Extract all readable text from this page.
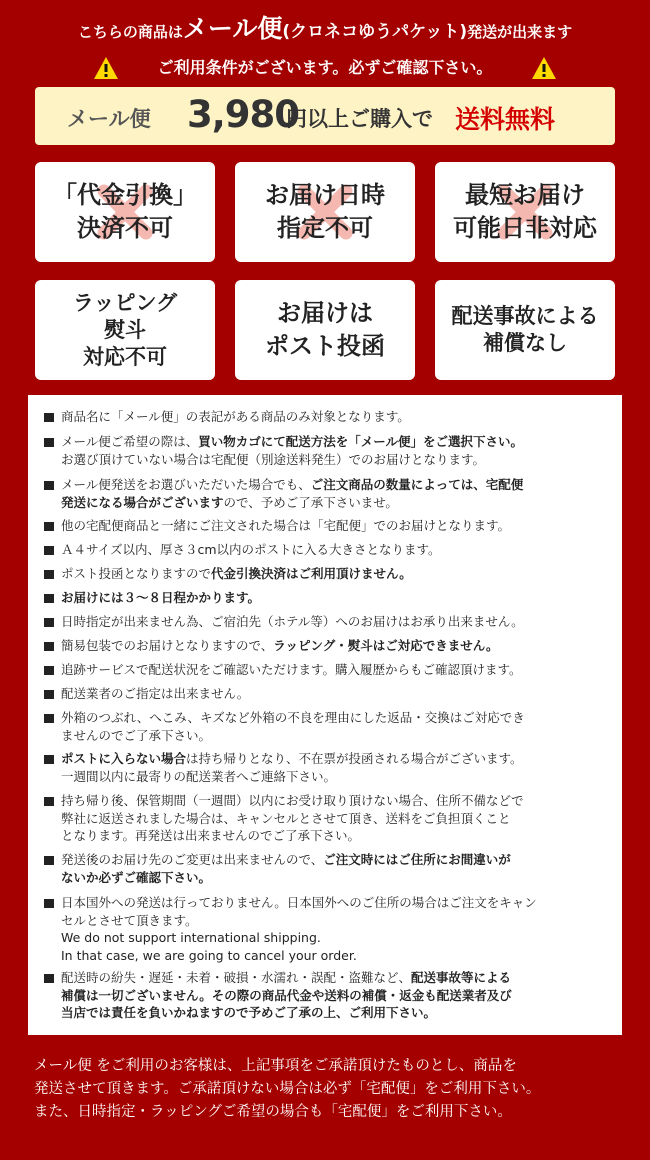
こちらの商品はメール便(クロネコゆうパケット)発送が出来ます
ご利用条件がございます。必ずご確認下さい。
メール便 3,980
円以上ご購入で 送料無料
「代金引換」
決済不可
お届け日時
指定不可
最短お届け
可能日非対応
ラッピング
熨斗
対応不可
お届けは
ポスト投函
配送事故による
補償なし
商品名に「メール便」の表記がある商品のみ対象となります。
メール便ご希望の際は、買い物カゴにて配送方法を「メール便」をご選択下さい。
お選び頂けていない場合は宅配便（別途送料発生）でのお届けとなります。
メール便発送をお選びいただいた場合でも、ご注文商品の数量によっては、宅配便
発送になる場合がございますので、予めご了承下さいませ。
他の宅配便商品と一緒にご注文された場合は「宅配便」でのお届けとなります。
Ａ４サイズ以内、厚さ３cm以内のポストに入る大きさとなります。
ポスト投函となりますので代金引換決済はご利用頂けません。
お届けには３～８日程かかります。
日時指定が出来ません為、ご宿泊先（ホテル等）へのお届けはお承り出来ません。
簡易包装でのお届けとなりますので、ラッピング・熨斗はご対応できません。
追跡サービスで配送状況をご確認いただけます。購入履歴からもご確認頂けます。
配送業者のご指定は出来ません。
外箱のつぶれ、へこみ、キズなど外箱の不良を理由にした返品・交換はご対応でき
ませんのでご了承下さい。
ポストに入らない場合は持ち帰りとなり、不在票が投函される場合がございます。
一週間以内に最寄りの配送業者へご連絡下さい。
持ち帰り後、保管期間（一週間）以内にお受け取り頂けない場合、住所不備などで
弊社に返送されました場合は、キャンセルとさせて頂き、送料をご負担頂くこと
となります。再発送は出来ませんのでご了承下さい。
発送後のお届け先のご変更は出来ませんので、ご注文時にはご住所にお間違いが
ないか必ずご確認下さい。
日本国外への発送は行っておりません。日本国外へのご住所の場合はご注文をキャン
セルとさせて頂きます。
We do not support international shipping.
In that case, we are going to cancel your order.
配送時の紛失・遅延・未着・破損・水濡れ・誤配・盗難など、配送事故等による
補償は一切ございません。その際の商品代金や送料の補償・返金も配送業者及び
当店では責任を負いかねますので予めご了承の上、ご利用下さい。
メール便 をご利用のお客様は、上記事項をご承諾頂けたものとし、商品を
発送させて頂きます。ご承諾頂けない場合は必ず「宅配便」をご利用下さい。
また、日時指定・ラッピングご希望の場合も「宅配便」をご利用下さい。
